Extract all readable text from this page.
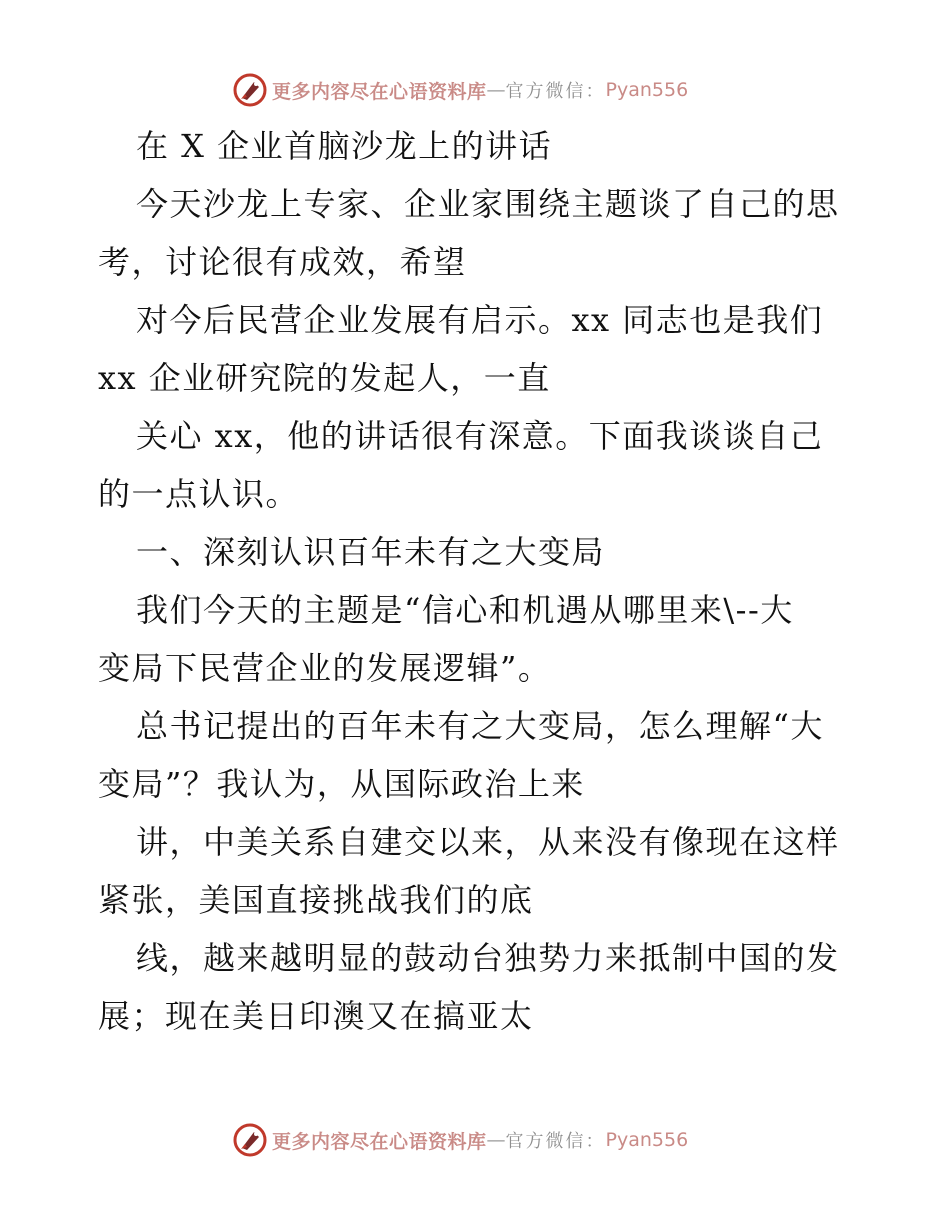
更多内容尽在心语资料库 — 官方微信： Pyan556
在 X 企业首脑沙龙上的讲话
今天沙龙上专家、企业家围绕主题谈了自己的思
考，讨论很有成效，希望
对今后民营企业发展有启示。xx 同志也是我们
xx 企业研究院的发起人，一直
关心 xx，他的讲话很有深意。下面我谈谈自己
的一点认识。
一、深刻认识百年未有之大变局
我们今天的主题是“信心和机遇从哪里来\--大
变局下民营企业的发展逻辑”。
总书记提出的百年未有之大变局，怎么理解“大
变局”？我认为，从国际政治上来
讲，中美关系自建交以来，从来没有像现在这样
紧张，美国直接挑战我们的底
线，越来越明显的鼓动台独势力来抵制中国的发
展；现在美日印澳又在搞亚太
更多内容尽在心语资料库 — 官方微信： Pyan556
